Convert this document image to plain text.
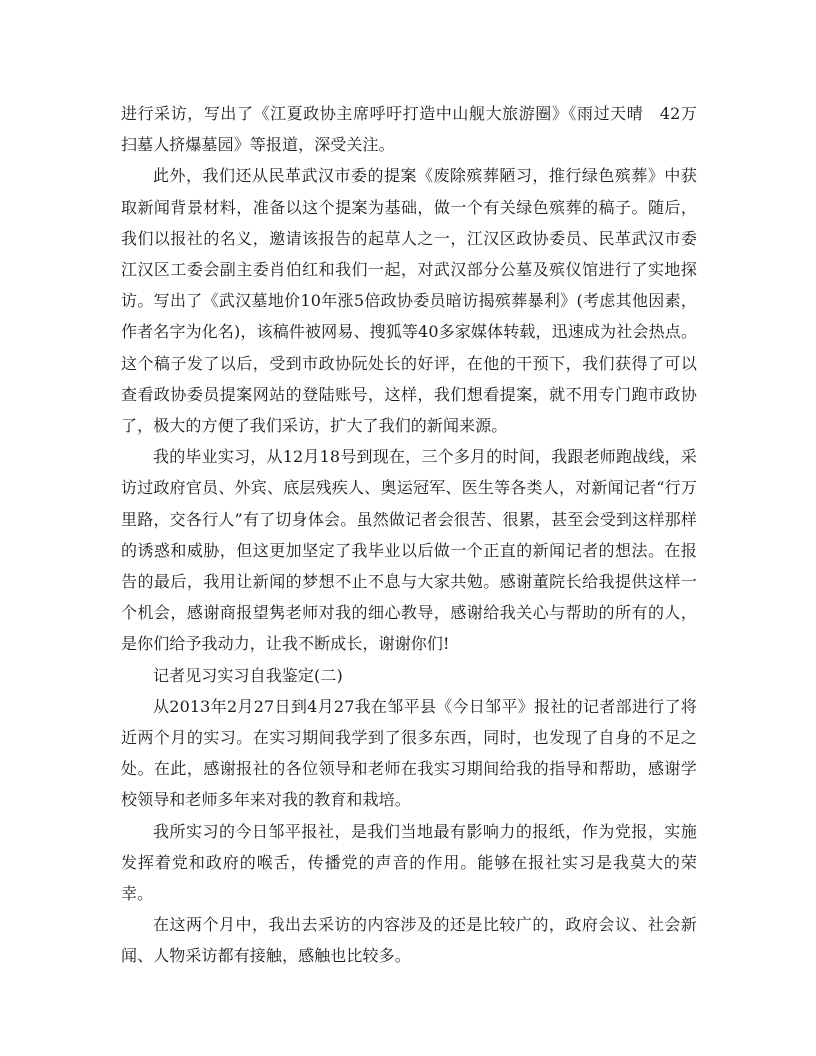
进行采访，写出了《江夏政协主席呼吁打造中山舰大旅游圈》《雨过天晴　42万扫墓人挤爆墓园》等报道，深受关注。

此外，我们还从民革武汉市委的提案《废除殡葬陋习，推行绿色殡葬》中获取新闻背景材料，准备以这个提案为基础，做一个有关绿色殡葬的稿子。随后，我们以报社的名义，邀请该报告的起草人之一，江汉区政协委员、民革武汉市委江汉区工委会副主委肖伯红和我们一起，对武汉部分公墓及殡仪馆进行了实地探访。写出了《武汉墓地价10年涨5倍政协委员暗访揭殡葬暴利》(考虑其他因素，作者名字为化名)，该稿件被网易、搜狐等40多家媒体转载，迅速成为社会热点。这个稿子发了以后，受到市政协阮处长的好评，在他的干预下，我们获得了可以查看政协委员提案网站的登陆账号，这样，我们想看提案，就不用专门跑市政协了，极大的方便了我们采访，扩大了我们的新闻来源。

我的毕业实习，从12月18号到现在，三个多月的时间，我跟老师跑战线，采访过政府官员、外宾、底层残疾人、奥运冠军、医生等各类人，对新闻记者“行万里路，交各行人”有了切身体会。虽然做记者会很苦、很累，甚至会受到这样那样的诱惑和威胁，但这更加坚定了我毕业以后做一个正直的新闻记者的想法。在报告的最后，我用让新闻的梦想不止不息与大家共勉。感谢董院长给我提供这样一个机会，感谢商报望隽老师对我的细心教导，感谢给我关心与帮助的所有的人，是你们给予我动力，让我不断成长，谢谢你们!

记者见习实习自我鉴定(二)

从2013年2月27日到4月27我在邹平县《今日邹平》报社的记者部进行了将近两个月的实习。在实习期间我学到了很多东西，同时，也发现了自身的不足之处。在此，感谢报社的各位领导和老师在我实习期间给我的指导和帮助，感谢学校领导和老师多年来对我的教育和栽培。

我所实习的今日邹平报社，是我们当地最有影响力的报纸，作为党报，实施发挥着党和政府的喉舌，传播党的声音的作用。能够在报社实习是我莫大的荣幸。

在这两个月中，我出去采访的内容涉及的还是比较广的，政府会议、社会新闻、人物采访都有接触，感触也比较多。
